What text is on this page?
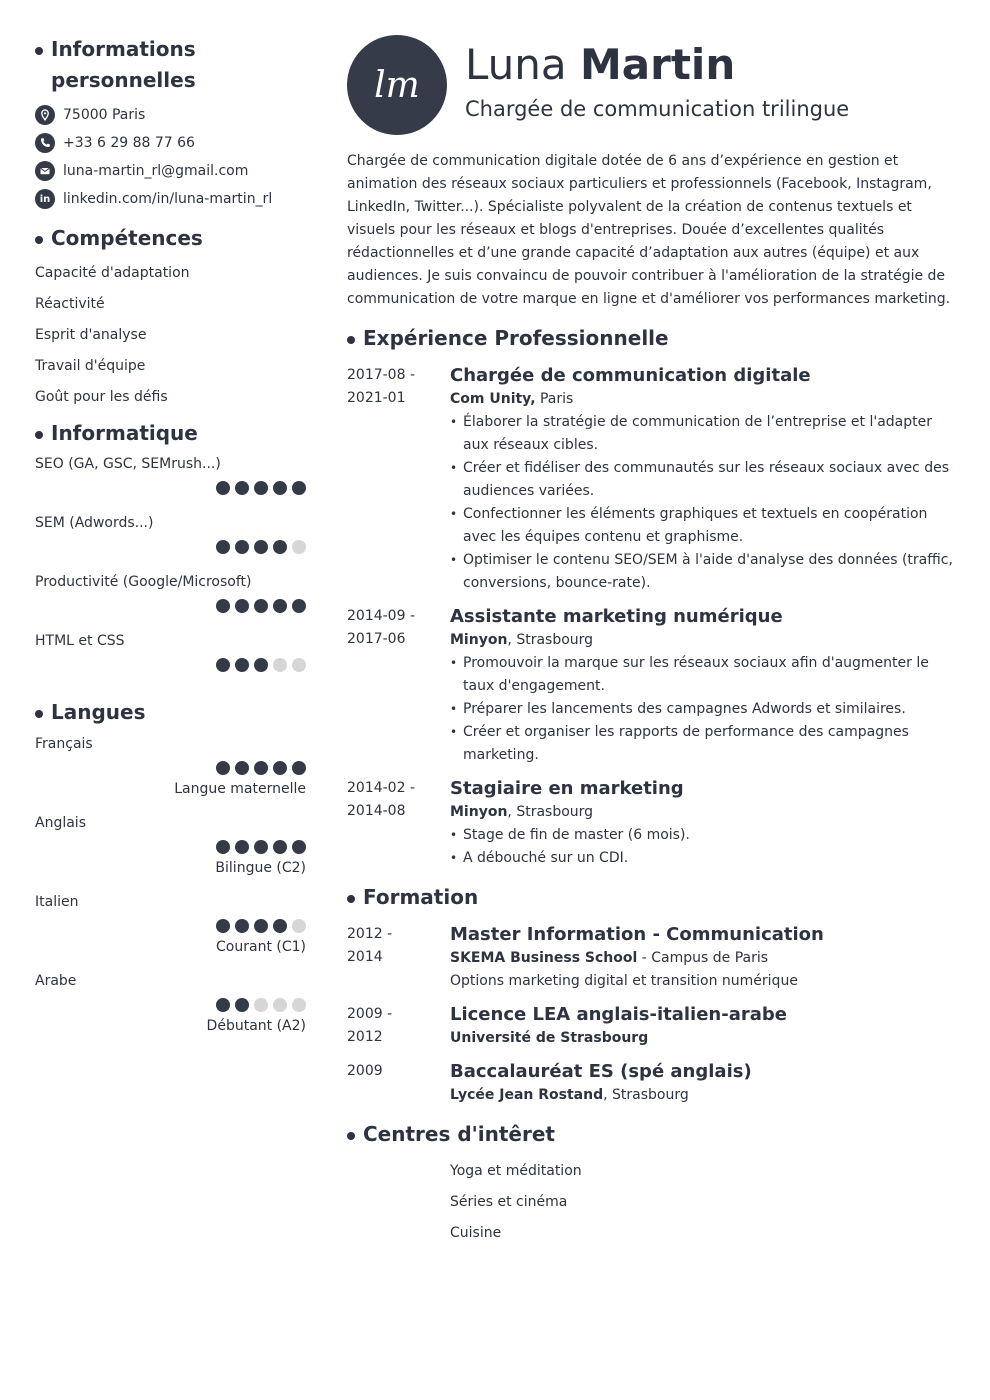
Informations personnelles
75000 Paris
+33 6 29 88 77 66
luna-martin_rl@gmail.com
in linkedin.com/in/luna-martin_rl
Compétences
Capacité d'adaptation
Réactivité
Esprit d'analyse
Travail d'équipe
Goût pour les défis
Informatique
SEO (GA, GSC, SEMrush...)
SEM (Adwords...)
Productivité (Google/Microsoft)
HTML et CSS
Langues
Français
Langue maternelle
Anglais
Bilingue (C2)
Italien
Courant (C1)
Arabe
Débutant (A2)
lm Luna Martin
Chargée de communication trilingue
Chargée de communication digitale dotée de 6 ans d’expérience en gestion et animation des réseaux sociaux particuliers et professionnels (Facebook, Instagram, LinkedIn, Twitter...). Spécialiste polyvalent de la création de contenus textuels et visuels pour les réseaux et blogs d'entreprises. Douée d’excellentes qualités rédactionnelles et d’une grande capacité d’adaptation aux autres (équipe) et aux audiences. Je suis convaincu de pouvoir contribuer à l'amélioration de la stratégie de communication de votre marque en ligne et d'améliorer vos performances marketing.
Expérience Professionnelle
2017-08 -
2021-01
Chargée de communication digitale
Com Unity, Paris
• Élaborer la stratégie de communication de l’entreprise et l'adapter aux réseaux cibles.
• Créer et fidéliser des communautés sur les réseaux sociaux avec des audiences variées.
• Confectionner les éléments graphiques et textuels en coopération avec les équipes contenu et graphisme.
• Optimiser le contenu SEO/SEM à l'aide d'analyse des données (traffic, conversions, bounce-rate).
2014-09 -
2017-06
Assistante marketing numérique
Minyon, Strasbourg
• Promouvoir la marque sur les réseaux sociaux afin d'augmenter le taux d'engagement.
• Préparer les lancements des campagnes Adwords et similaires.
• Créer et organiser les rapports de performance des campagnes marketing.
2014-02 -
2014-08
Stagiaire en marketing
Minyon, Strasbourg
• Stage de fin de master (6 mois).
• A débouché sur un CDI.
Formation
2012 -
2014
Master Information - Communication
SKEMA Business School - Campus de Paris
Options marketing digital et transition numérique
2009 -
2012
Licence LEA anglais-italien-arabe
Université de Strasbourg
2009	Baccalauréat ES (spé anglais)
Lycée Jean Rostand, Strasbourg
Centres d'intêret
Yoga et méditation
Séries et cinéma
Cuisine
